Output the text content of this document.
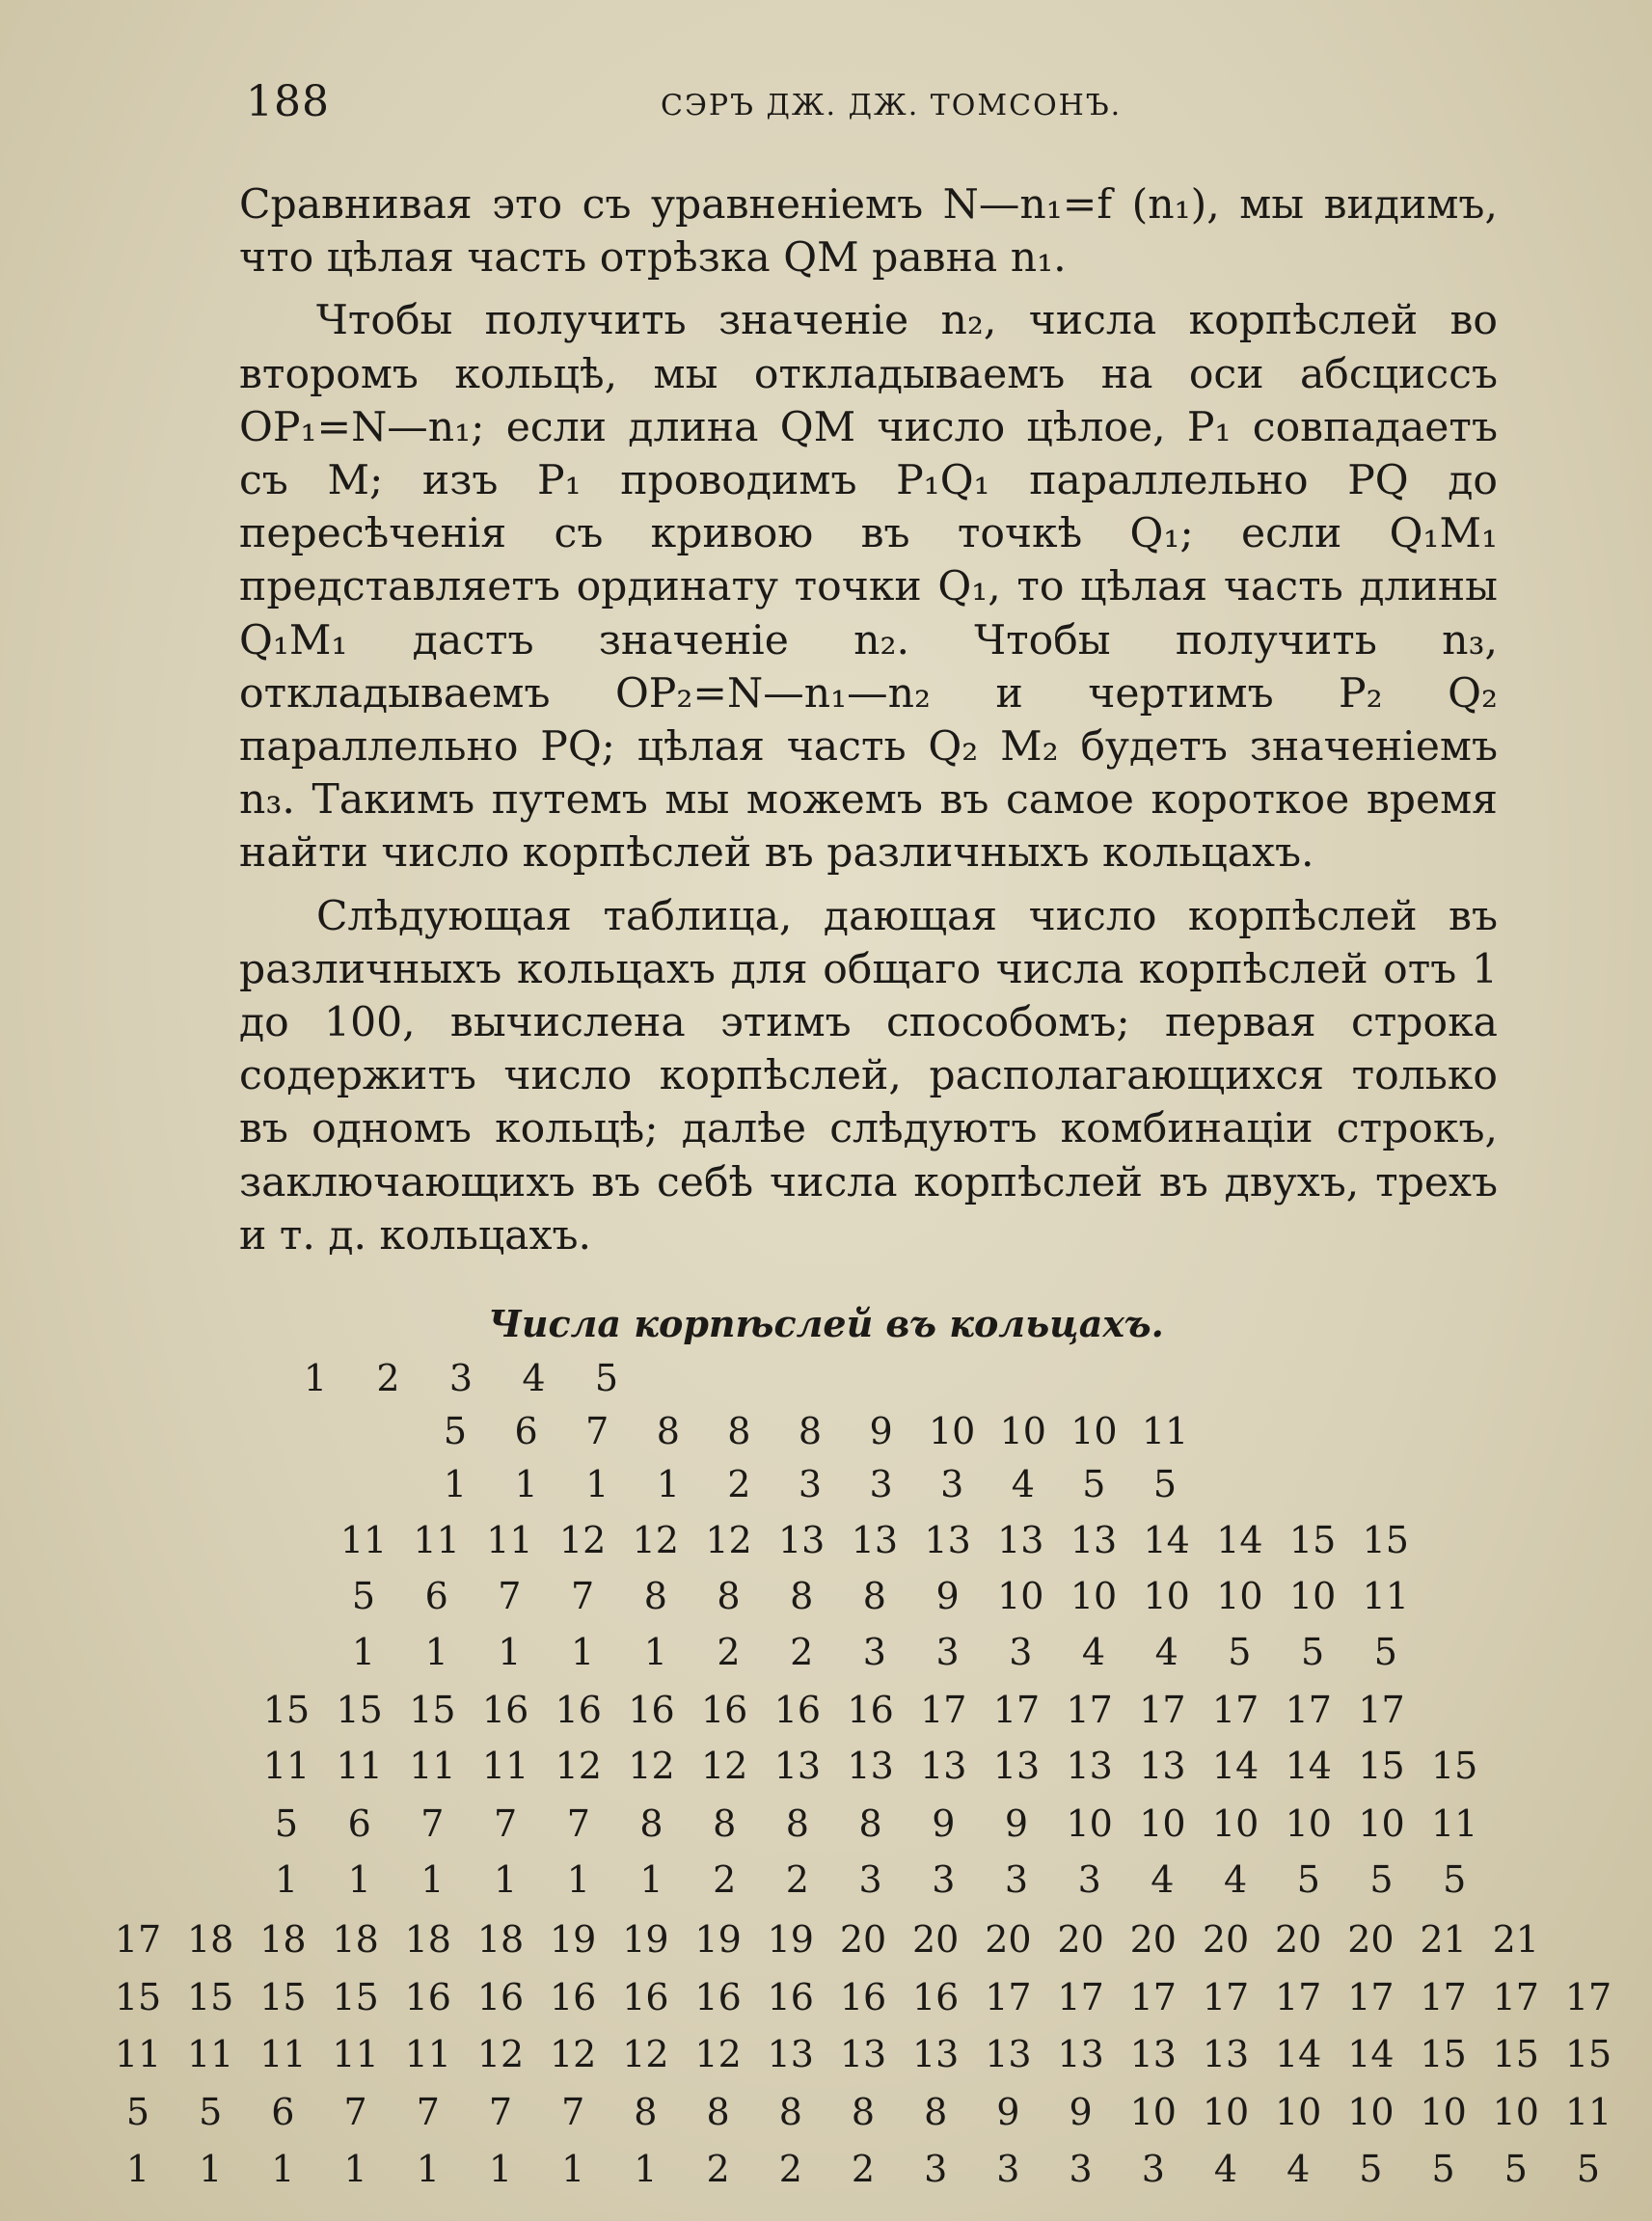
188	СЭРЪ ДЖ. ДЖ. ТОМСОНЪ.

Сравнивая это съ уравненіемъ N—n₁=f (n₁), мы видимъ, что цѣлая часть отрѣзка QM равна n₁.

Чтобы получить значеніе n₂, числа корпѣслей во второмъ кольцѣ, мы откладываемъ на оси абсциссъ OP₁=N—n₁; если длина QM число цѣлое, P₁ совпадаетъ съ M; изъ P₁ проводимъ P₁Q₁ параллельно PQ до пересѣченія съ кривою въ точкѣ Q₁; если Q₁M₁ представляетъ ординату точки Q₁, то цѣлая часть длины Q₁M₁ дастъ значеніе n₂. Чтобы получить n₃, откладываемъ OP₂=N—n₁—n₂ и чертимъ P₂ Q₂ параллельно PQ; цѣлая часть Q₂ M₂ будетъ значеніемъ n₃. Такимъ путемъ мы можемъ въ самое короткое время найти число корпѣслей въ различныхъ кольцахъ.

Слѣдующая таблица, дающая число корпѣслей въ различныхъ кольцахъ для общаго числа корпѣслей отъ 1 до 100, вычислена этимъ способомъ; первая строка содержитъ число корпѣслей, располагающихся только въ одномъ кольцѣ; далѣе слѣдуютъ комбинаціи строкъ, заключающихъ въ себѣ числа корпѣслей въ двухъ, трехъ и т. д. кольцахъ.

Числа корпѣслей въ кольцахъ.
1	2	3	4	5
5	6	7	8	8	8	9 10 10 10 11
1	1	1	1	2	3	3	3	4	5	5
11 11 11 12 12 12 13 13 13 13 13 14 14 15 15
5	6	7	7	8	8	8	8	9	10 10 10 10 10 11
1	1	1	1	1	2	2	3	3	3	4	4	5	5	5
15 15 15 16 16 16 16 16 16 17 17 17 17 17 17 17
11 11 11 11 12 12 12 13 13 13 13 13 13 14 14 15 15
5	6	7	7	7	8	8	8	8	9	9	10 10 10 10 10 11
1	1	1	1	1	1	2	2	3	3	3	3	4	4	5	5	5
17 18 18 18 18 18 19 19 19 19 20 20 20 20 20 20 20 20 21 21
15 15 15 15 16 16 16 16 16 16 16 16 17 17 17 17 17 17 17 17 17
11 11 11 11 11 12 12 12 12 13 13 13 13 13 13 13 14 14 15 15 15
5	5	6	7	7	7	7	8	8	8	8	8	9	9	10 10 10 10 10 10 11
1	1	1	1	1	1	1	1	2	2	2	3	3	3	3	4	4	5	5	5	5
